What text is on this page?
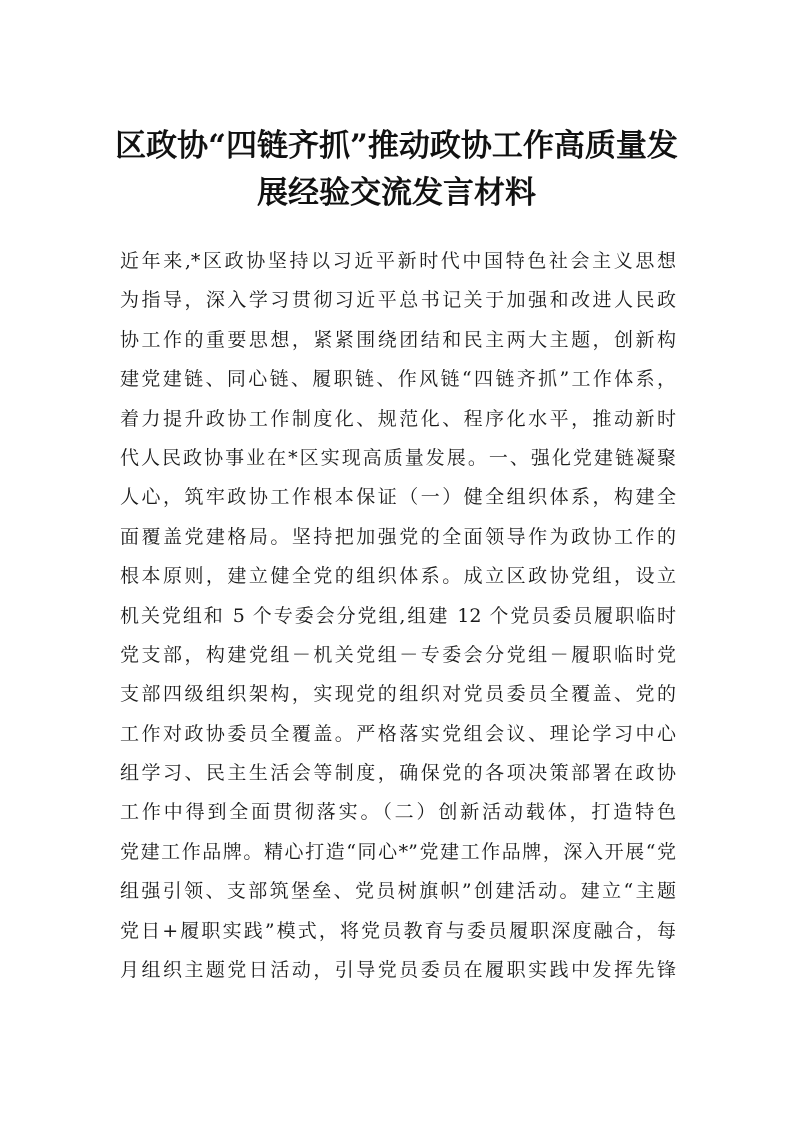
区政协“四链齐抓”推动政协工作高质量发
展经验交流发言材料
近年来,*区政协坚持以习近平新时代中国特色社会主义思想
为指导，深入学习贯彻习近平总书记关于加强和改进人民政
协工作的重要思想，紧紧围绕团结和民主两大主题，创新构
建党建链、同心链、履职链、作风链“四链齐抓”工作体系，
着力提升政协工作制度化、规范化、程序化水平，推动新时
代人民政协事业在*区实现高质量发展。一、强化党建链凝聚
人心，筑牢政协工作根本保证（一）健全组织体系，构建全
面覆盖党建格局。坚持把加强党的全面领导作为政协工作的
根本原则，建立健全党的组织体系。成立区政协党组，设立
机关党组和 5 个专委会分党组,组建 12 个党员委员履职临时
党支部，构建党组－机关党组－专委会分党组－履职临时党
支部四级组织架构，实现党的组织对党员委员全覆盖、党的
工作对政协委员全覆盖。严格落实党组会议、理论学习中心
组学习、民主生活会等制度，确保党的各项决策部署在政协
工作中得到全面贯彻落实。（二）创新活动载体，打造特色
党建工作品牌。精心打造“同心*”党建工作品牌，深入开展“党
组强引领、支部筑堡垒、党员树旗帜”创建活动。建立“主题
党日+履职实践”模式，将党员教育与委员履职深度融合，每
月组织主题党日活动，引导党员委员在履职实践中发挥先锋
